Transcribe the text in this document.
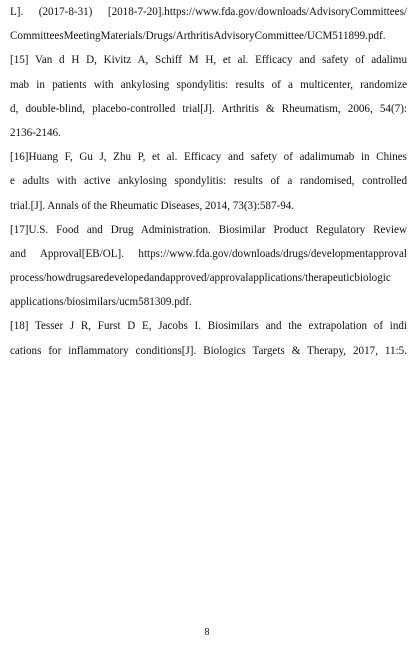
L]. (2017-8-31) [2018-7-20].https://www.fda.gov/downloads/AdvisoryCommittees/
CommitteesMeetingMaterials/Drugs/ArthritisAdvisoryCommittee/UCM511899.pdf.
[15] Van d H D, Kivitz A, Schiff M H, et al. Efficacy and safety of adalimu
mab in patients with ankylosing spondylitis: results of a multicenter, randomize
d, double-blind, placebo-controlled trial[J]. Arthritis & Rheumatism, 2006, 54(7):
2136-2146.
[16]Huang F, Gu J, Zhu P, et al. Efficacy and safety of adalimumab in Chines
e adults with active ankylosing spondylitis: results of a randomised, controlled
trial.[J]. Annals of the Rheumatic Diseases, 2014, 73(3):587-94.
[17]U.S. Food and Drug Administration. Biosimilar Product Regulatory Review
and Approval[EB/OL]. https://www.fda.gov/downloads/drugs/developmentapproval
process/howdrugsaredevelopedandapproved/approvalapplications/therapeuticbiologic
applications/biosimilars/ucm581309.pdf.
[18] Tesser J R, Furst D E, Jacobs I. Biosimilars and the extrapolation of indi
cations for inflammatory conditions[J]. Biologics Targets & Therapy, 2017, 11:5.
8
